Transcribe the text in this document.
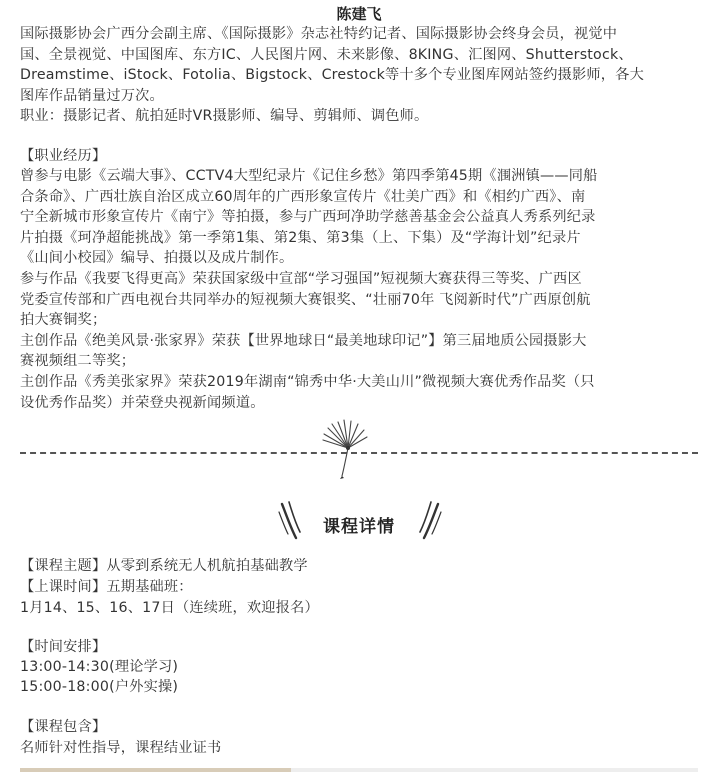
陈建飞

国际摄影协会广西分会副主席、《国际摄影》杂志社特约记者、国际摄影协会终身会员，视觉中
国、全景视觉、中国图库、东方IC、人民图片网、未来影像、8KING、汇图网、Shutterstock、
Dreamstime、iStock、Fotolia、Bigstock、Crestock等十多个专业图库网站签约摄影师，各大
图库作品销量过万次。
职业：摄影记者、航拍延时VR摄影师、编导、剪辑师、调色师。

【职业经历】

曾参与电影《云端大事》、CCTV4大型纪录片《记住乡愁》第四季第45期《涠洲镇——同船
合条命》、广西壮族自治区成立60周年的广西形象宣传片《壮美广西》和《相约广西》、南
宁全新城市形象宣传片《南宁》等拍摄，参与广西珂净助学慈善基金会公益真人秀系列纪录
片拍摄《珂净超能挑战》第一季第1集、第2集、第3集（上、下集）及“学海计划”纪录片
《山间小校园》编导、拍摄以及成片制作。
参与作品《我要飞得更高》荣获国家级中宣部“学习强国”短视频大赛获得三等奖、广西区
党委宣传部和广西电视台共同举办的短视频大赛银奖、“壮丽70年 飞阅新时代”广西原创航
拍大赛铜奖；
主创作品《绝美风景·张家界》荣获【世界地球日“最美地球印记”】第三届地质公园摄影大
赛视频组二等奖；
主创作品《秀美张家界》荣获2019年湖南“锦秀中华·大美山川”微视频大赛优秀作品奖（只
设优秀作品奖）并荣登央视新闻频道。

课程详情

【课程主题】从零到系统无人机航拍基础教学

【上课时间】五期基础班：

1月14、15、16、17日（连续班，欢迎报名）

【时间安排】

13:00-14:30(理论学习)

15:00-18:00(户外实操)

【课程包含】

名师针对性指导，课程结业证书
